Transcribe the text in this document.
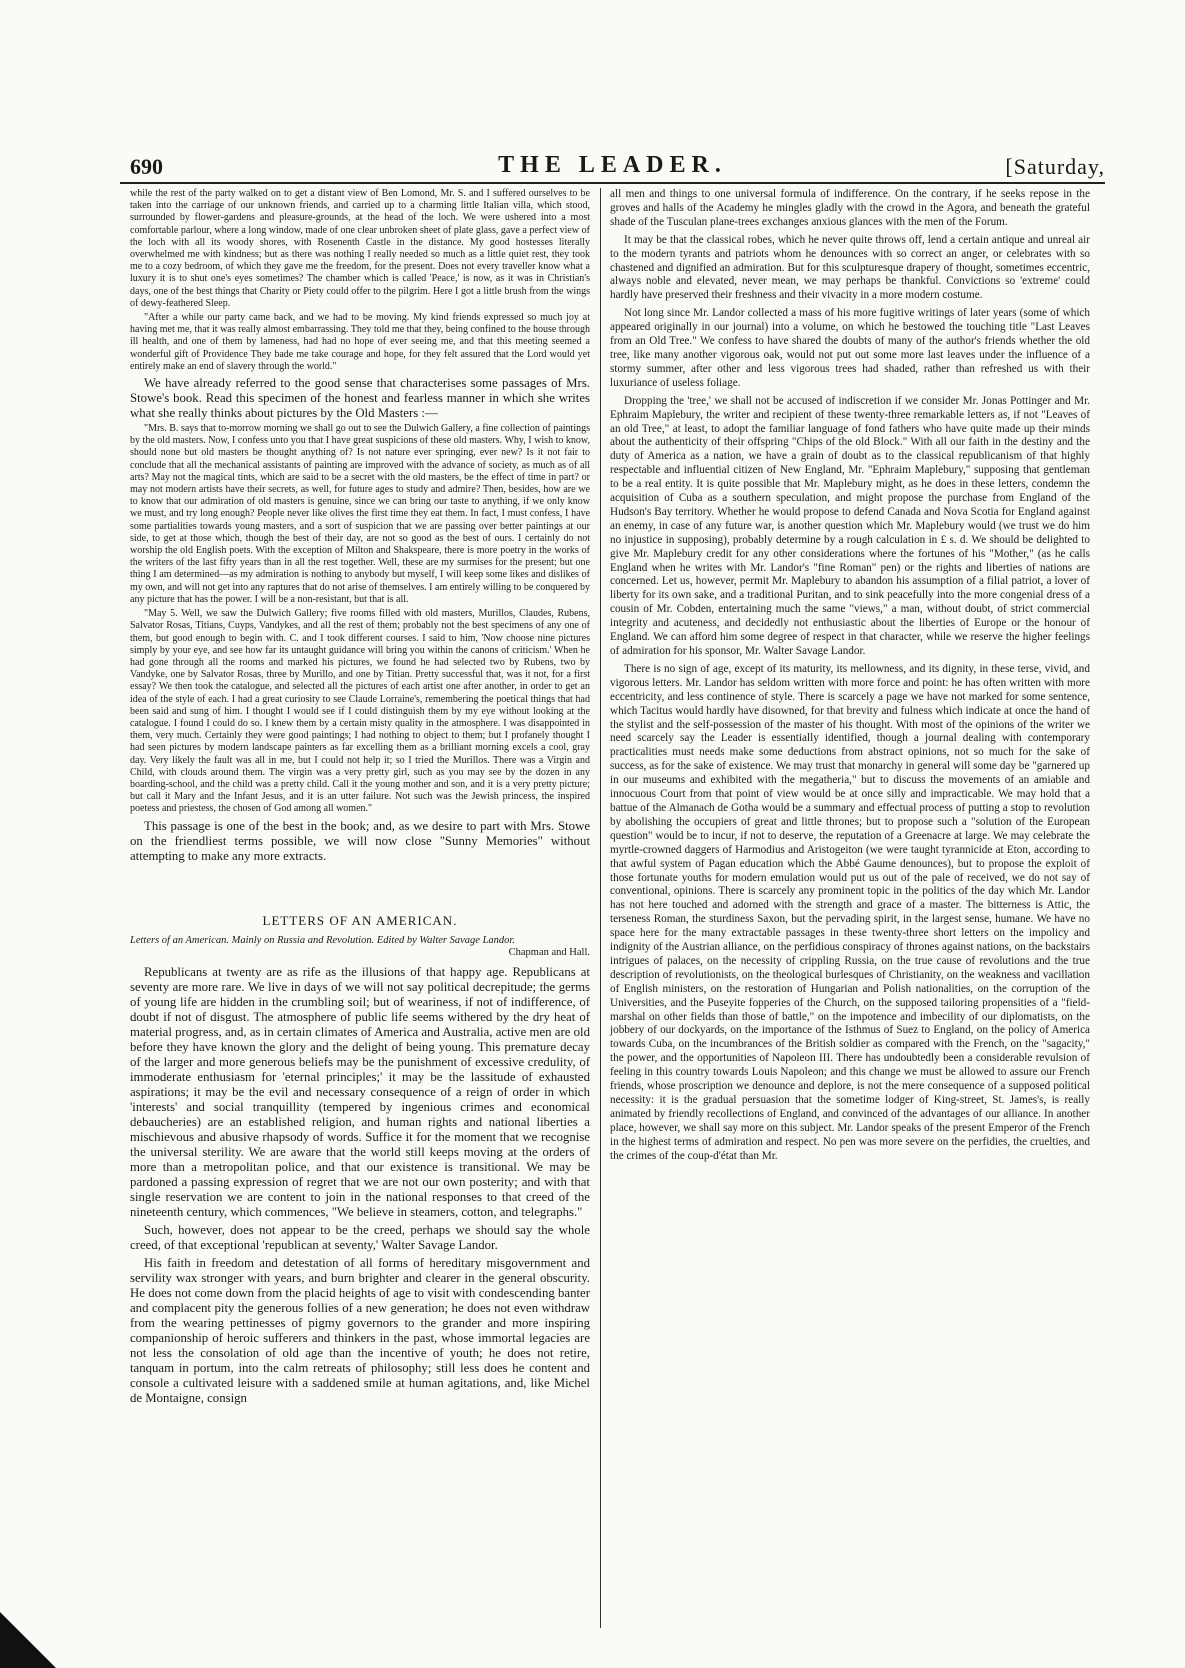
690	THE LEADER.	[Saturday,

while the rest of the party walked on to get a distant view of Ben Lomond, Mr. S. and I suffered ourselves to be taken into the carriage of our unknown friends, and carried up to a charming little Italian villa, which stood, surrounded by flower-gardens and pleasure-grounds, at the head of the loch. We were ushered into a most comfortable parlour, where a long window, made of one clear unbroken sheet of plate glass, gave a perfect view of the loch with all its woody shores, with Rosenenth Castle in the distance. My good hostesses literally overwhelmed me with kindness; but as there was nothing I really needed so much as a little quiet rest, they took me to a cozy bedroom, of which they gave me the freedom, for the present. Does not every traveller know what a luxury it is to shut one's eyes sometimes? The chamber which is called 'Peace,' is now, as it was in Christian's days, one of the best things that Charity or Piety could offer to the pilgrim. Here I got a little brush from the wings of dewy-feathered Sleep.

"After a while our party came back, and we had to be moving. My kind friends expressed so much joy at having met me, that it was really almost embarrassing. They told me that they, being confined to the house through ill health, and one of them by lameness, had had no hope of ever seeing me, and that this meeting seemed a wonderful gift of Providence They bade me take courage and hope, for they felt assured that the Lord would yet entirely make an end of slavery through the world."

We have already referred to the good sense that characterises some passages of Mrs. Stowe's book. Read this specimen of the honest and fearless manner in which she writes what she really thinks about pictures by the Old Masters :—

"Mrs. B. says that to-morrow morning we shall go out to see the Dulwich Gallery, a fine collection of paintings by the old masters. Now, I confess unto you that I have great suspicions of these old masters. Why, I wish to know, should none but old masters be thought anything of? Is not nature ever springing, ever new? Is it not fair to conclude that all the mechanical assistants of painting are improved with the advance of society, as much as of all arts? May not the magical tints, which are said to be a secret with the old masters, be the effect of time in part? or may not modern artists have their secrets, as well, for future ages to study and admire? Then, besides, how are we to know that our admiration of old masters is genuine, since we can bring our taste to anything, if we only know we must, and try long enough? People never like olives the first time they eat them. In fact, I must confess, I have some partialities towards young masters, and a sort of suspicion that we are passing over better paintings at our side, to get at those which, though the best of their day, are not so good as the best of ours. I certainly do not worship the old English poets. With the exception of Milton and Shakspeare, there is more poetry in the works of the writers of the last fifty years than in all the rest together. Well, these are my surmises for the present; but one thing I am determined—as my admiration is nothing to anybody but myself, I will keep some likes and dislikes of my own, and will not get into any raptures that do not arise of themselves. I am entirely willing to be conquered by any picture that has the power. I will be a non-resistant, but that is all.

"May 5. Well, we saw the Dulwich Gallery; five rooms filled with old masters, Murillos, Claudes, Rubens, Salvator Rosas, Titians, Cuyps, Vandykes, and all the rest of them; probably not the best specimens of any one of them, but good enough to begin with. C. and I took different courses. I said to him, 'Now choose nine pictures simply by your eye, and see how far its untaught guidance will bring you within the canons of criticism.' When he had gone through all the rooms and marked his pictures, we found he had selected two by Rubens, two by Vandyke, one by Salvator Rosas, three by Murillo, and one by Titian. Pretty successful that, was it not, for a first essay? We then took the catalogue, and selected all the pictures of each artist one after another, in order to get an idea of the style of each. I had a great curiosity to see Claude Lorraine's, remembering the poetical things that had been said and sung of him. I thought I would see if I could distinguish them by my eye without looking at the catalogue. I found I could do so. I knew them by a certain misty quality in the atmosphere. I was disappointed in them, very much. Certainly they were good paintings; I had nothing to object to them; but I profanely thought I had seen pictures by modern landscape painters as far excelling them as a brilliant morning excels a cool, gray day. Very likely the fault was all in me, but I could not help it; so I tried the Murillos. There was a Virgin and Child, with clouds around them. The virgin was a very pretty girl, such as you may see by the dozen in any boarding-school, and the child was a pretty child. Call it the young mother and son, and it is a very pretty picture; but call it Mary and the Infant Jesus, and it is an utter failure. Not such was the Jewish princess, the inspired poetess and priestess, the chosen of God among all women."

This passage is one of the best in the book; and, as we desire to part with Mrs. Stowe on the friendliest terms possible, we will now close "Sunny Memories" without attempting to make any more extracts.

LETTERS OF AN AMERICAN.
Letters of an American. Mainly on Russia and Revolution. Edited by Walter Savage Landor.
Chapman and Hall.

Republicans at twenty are as rife as the illusions of that happy age. Republicans at seventy are more rare. We live in days of we will not say political decrepitude; the germs of young life are hidden in the crumbling soil; but of weariness, if not of indifference, of doubt if not of disgust. The atmosphere of public life seems withered by the dry heat of material progress, and, as in certain climates of America and Australia, active men are old before they have known the glory and the delight of being young. This premature decay of the larger and more generous beliefs may be the punishment of excessive credulity, of immoderate enthusiasm for 'eternal principles;' it may be the lassitude of exhausted aspirations; it may be the evil and necessary consequence of a reign of order in which 'interests' and social tranquillity (tempered by ingenious crimes and economical debaucheries) are an established religion, and human rights and national liberties a mischievous and abusive rhapsody of words. Suffice it for the moment that we recognise the universal sterility. We are aware that the world still keeps moving at the orders of more than a metropolitan police, and that our existence is transitional. We may be pardoned a passing expression of regret that we are not our own posterity; and with that single reservation we are content to join in the national responses to that creed of the nineteenth century, which commences, "We believe in steamers, cotton, and telegraphs."

Such, however, does not appear to be the creed, perhaps we should say the whole creed, of that exceptional 'republican at seventy,' Walter Savage Landor.

His faith in freedom and detestation of all forms of hereditary misgovernment and servility wax stronger with years, and burn brighter and clearer in the general obscurity. He does not come down from the placid heights of age to visit with condescending banter and complacent pity the generous follies of a new generation; he does not even withdraw from the wearing pettinesses of pigmy governors to the grander and more inspiring companionship of heroic sufferers and thinkers in the past, whose immortal legacies are not less the consolation of old age than the incentive of youth; he does not retire, tanquam in portum, into the calm retreats of philosophy; still less does he content and console a cultivated leisure with a saddened smile at human agitations, and, like Michel de Montaigne, consign

all men and things to one universal formula of indifference. On the contrary, if he seeks repose in the groves and halls of the Academy he mingles gladly with the crowd in the Agora, and beneath the grateful shade of the Tusculan plane-trees exchanges anxious glances with the men of the Forum.

It may be that the classical robes, which he never quite throws off, lend a certain antique and unreal air to the modern tyrants and patriots whom he denounces with so correct an anger, or celebrates with so chastened and dignified an admiration. But for this sculpturesque drapery of thought, sometimes eccentric, always noble and elevated, never mean, we may perhaps be thankful. Convictions so 'extreme' could hardly have preserved their freshness and their vivacity in a more modern costume.

Not long since Mr. Landor collected a mass of his more fugitive writings of later years (some of which appeared originally in our journal) into a volume, on which he bestowed the touching title "Last Leaves from an Old Tree." We confess to have shared the doubts of many of the author's friends whether the old tree, like many another vigorous oak, would not put out some more last leaves under the influence of a stormy summer, after other and less vigorous trees had shaded, rather than refreshed us with their luxuriance of useless foliage.

Dropping the 'tree,' we shall not be accused of indiscretion if we consider Mr. Jonas Pottinger and Mr. Ephraim Maplebury, the writer and recipient of these twenty-three remarkable letters as, if not "Leaves of an old Tree," at least, to adopt the familiar language of fond fathers who have quite made up their minds about the authenticity of their offspring "Chips of the old Block." With all our faith in the destiny and the duty of America as a nation, we have a grain of doubt as to the classical republicanism of that highly respectable and influential citizen of New England, Mr. "Ephraim Maplebury," supposing that gentleman to be a real entity. It is quite possible that Mr. Maplebury might, as he does in these letters, condemn the acquisition of Cuba as a southern speculation, and might propose the purchase from England of the Hudson's Bay territory. Whether he would propose to defend Canada and Nova Scotia for England against an enemy, in case of any future war, is another question which Mr. Maplebury would (we trust we do him no injustice in supposing), probably determine by a rough calculation in £ s. d. We should be delighted to give Mr. Maplebury credit for any other considerations where the fortunes of his "Mother," (as he calls England when he writes with Mr. Landor's "fine Roman" pen) or the rights and liberties of nations are concerned. Let us, however, permit Mr. Maplebury to abandon his assumption of a filial patriot, a lover of liberty for its own sake, and a traditional Puritan, and to sink peacefully into the more congenial dress of a cousin of Mr. Cobden, entertaining much the same "views," a man, without doubt, of strict commercial integrity and acuteness, and decidedly not enthusiastic about the liberties of Europe or the honour of England. We can afford him some degree of respect in that character, while we reserve the higher feelings of admiration for his sponsor, Mr. Walter Savage Landor.

There is no sign of age, except of its maturity, its mellowness, and its dignity, in these terse, vivid, and vigorous letters. Mr. Landor has seldom written with more force and point: he has often written with more eccentricity, and less continence of style. There is scarcely a page we have not marked for some sentence, which Tacitus would hardly have disowned, for that brevity and fulness which indicate at once the hand of the stylist and the self-possession of the master of his thought. With most of the opinions of the writer we need scarcely say the Leader is essentially identified, though a journal dealing with contemporary practicalities must needs make some deductions from abstract opinions, not so much for the sake of success, as for the sake of existence. We may trust that monarchy in general will some day be "garnered up in our museums and exhibited with the megatheria," but to discuss the movements of an amiable and innocuous Court from that point of view would be at once silly and impracticable. We may hold that a battue of the Almanach de Gotha would be a summary and effectual process of putting a stop to revolution by abolishing the occupiers of great and little thrones; but to propose such a "solution of the European question" would be to incur, if not to deserve, the reputation of a Greenacre at large. We may celebrate the myrtle-crowned daggers of Harmodius and Aristogeiton (we were taught tyrannicide at Eton, according to that awful system of Pagan education which the Abbé Gaume denounces), but to propose the exploit of those fortunate youths for modern emulation would put us out of the pale of received, we do not say of conventional, opinions. There is scarcely any prominent topic in the politics of the day which Mr. Landor has not here touched and adorned with the strength and grace of a master. The bitterness is Attic, the terseness Roman, the sturdiness Saxon, but the pervading spirit, in the largest sense, humane. We have no space here for the many extractable passages in these twenty-three short letters on the impolicy and indignity of the Austrian alliance, on the perfidious conspiracy of thrones against nations, on the backstairs intrigues of palaces, on the necessity of crippling Russia, on the true cause of revolutions and the true description of revolutionists, on the theological burlesques of Christianity, on the weakness and vacillation of English ministers, on the restoration of Hungarian and Polish nationalities, on the corruption of the Universities, and the Puseyite fopperies of the Church, on the supposed tailoring propensities of a "field-marshal on other fields than those of battle," on the impotence and imbecility of our diplomatists, on the jobbery of our dockyards, on the importance of the Isthmus of Suez to England, on the policy of America towards Cuba, on the incumbrances of the British soldier as compared with the French, on the "sagacity," the power, and the opportunities of Napoleon III. There has undoubtedly been a considerable revulsion of feeling in this country towards Louis Napoleon; and this change we must be allowed to assure our French friends, whose proscription we denounce and deplore, is not the mere consequence of a supposed political necessity: it is the gradual persuasion that the sometime lodger of King-street, St. James's, is really animated by friendly recollections of England, and convinced of the advantages of our alliance. In another place, however, we shall say more on this subject. Mr. Landor speaks of the present Emperor of the French in the highest terms of admiration and respect. No pen was more severe on the perfidies, the cruelties, and the crimes of the coup-d'état than Mr.
